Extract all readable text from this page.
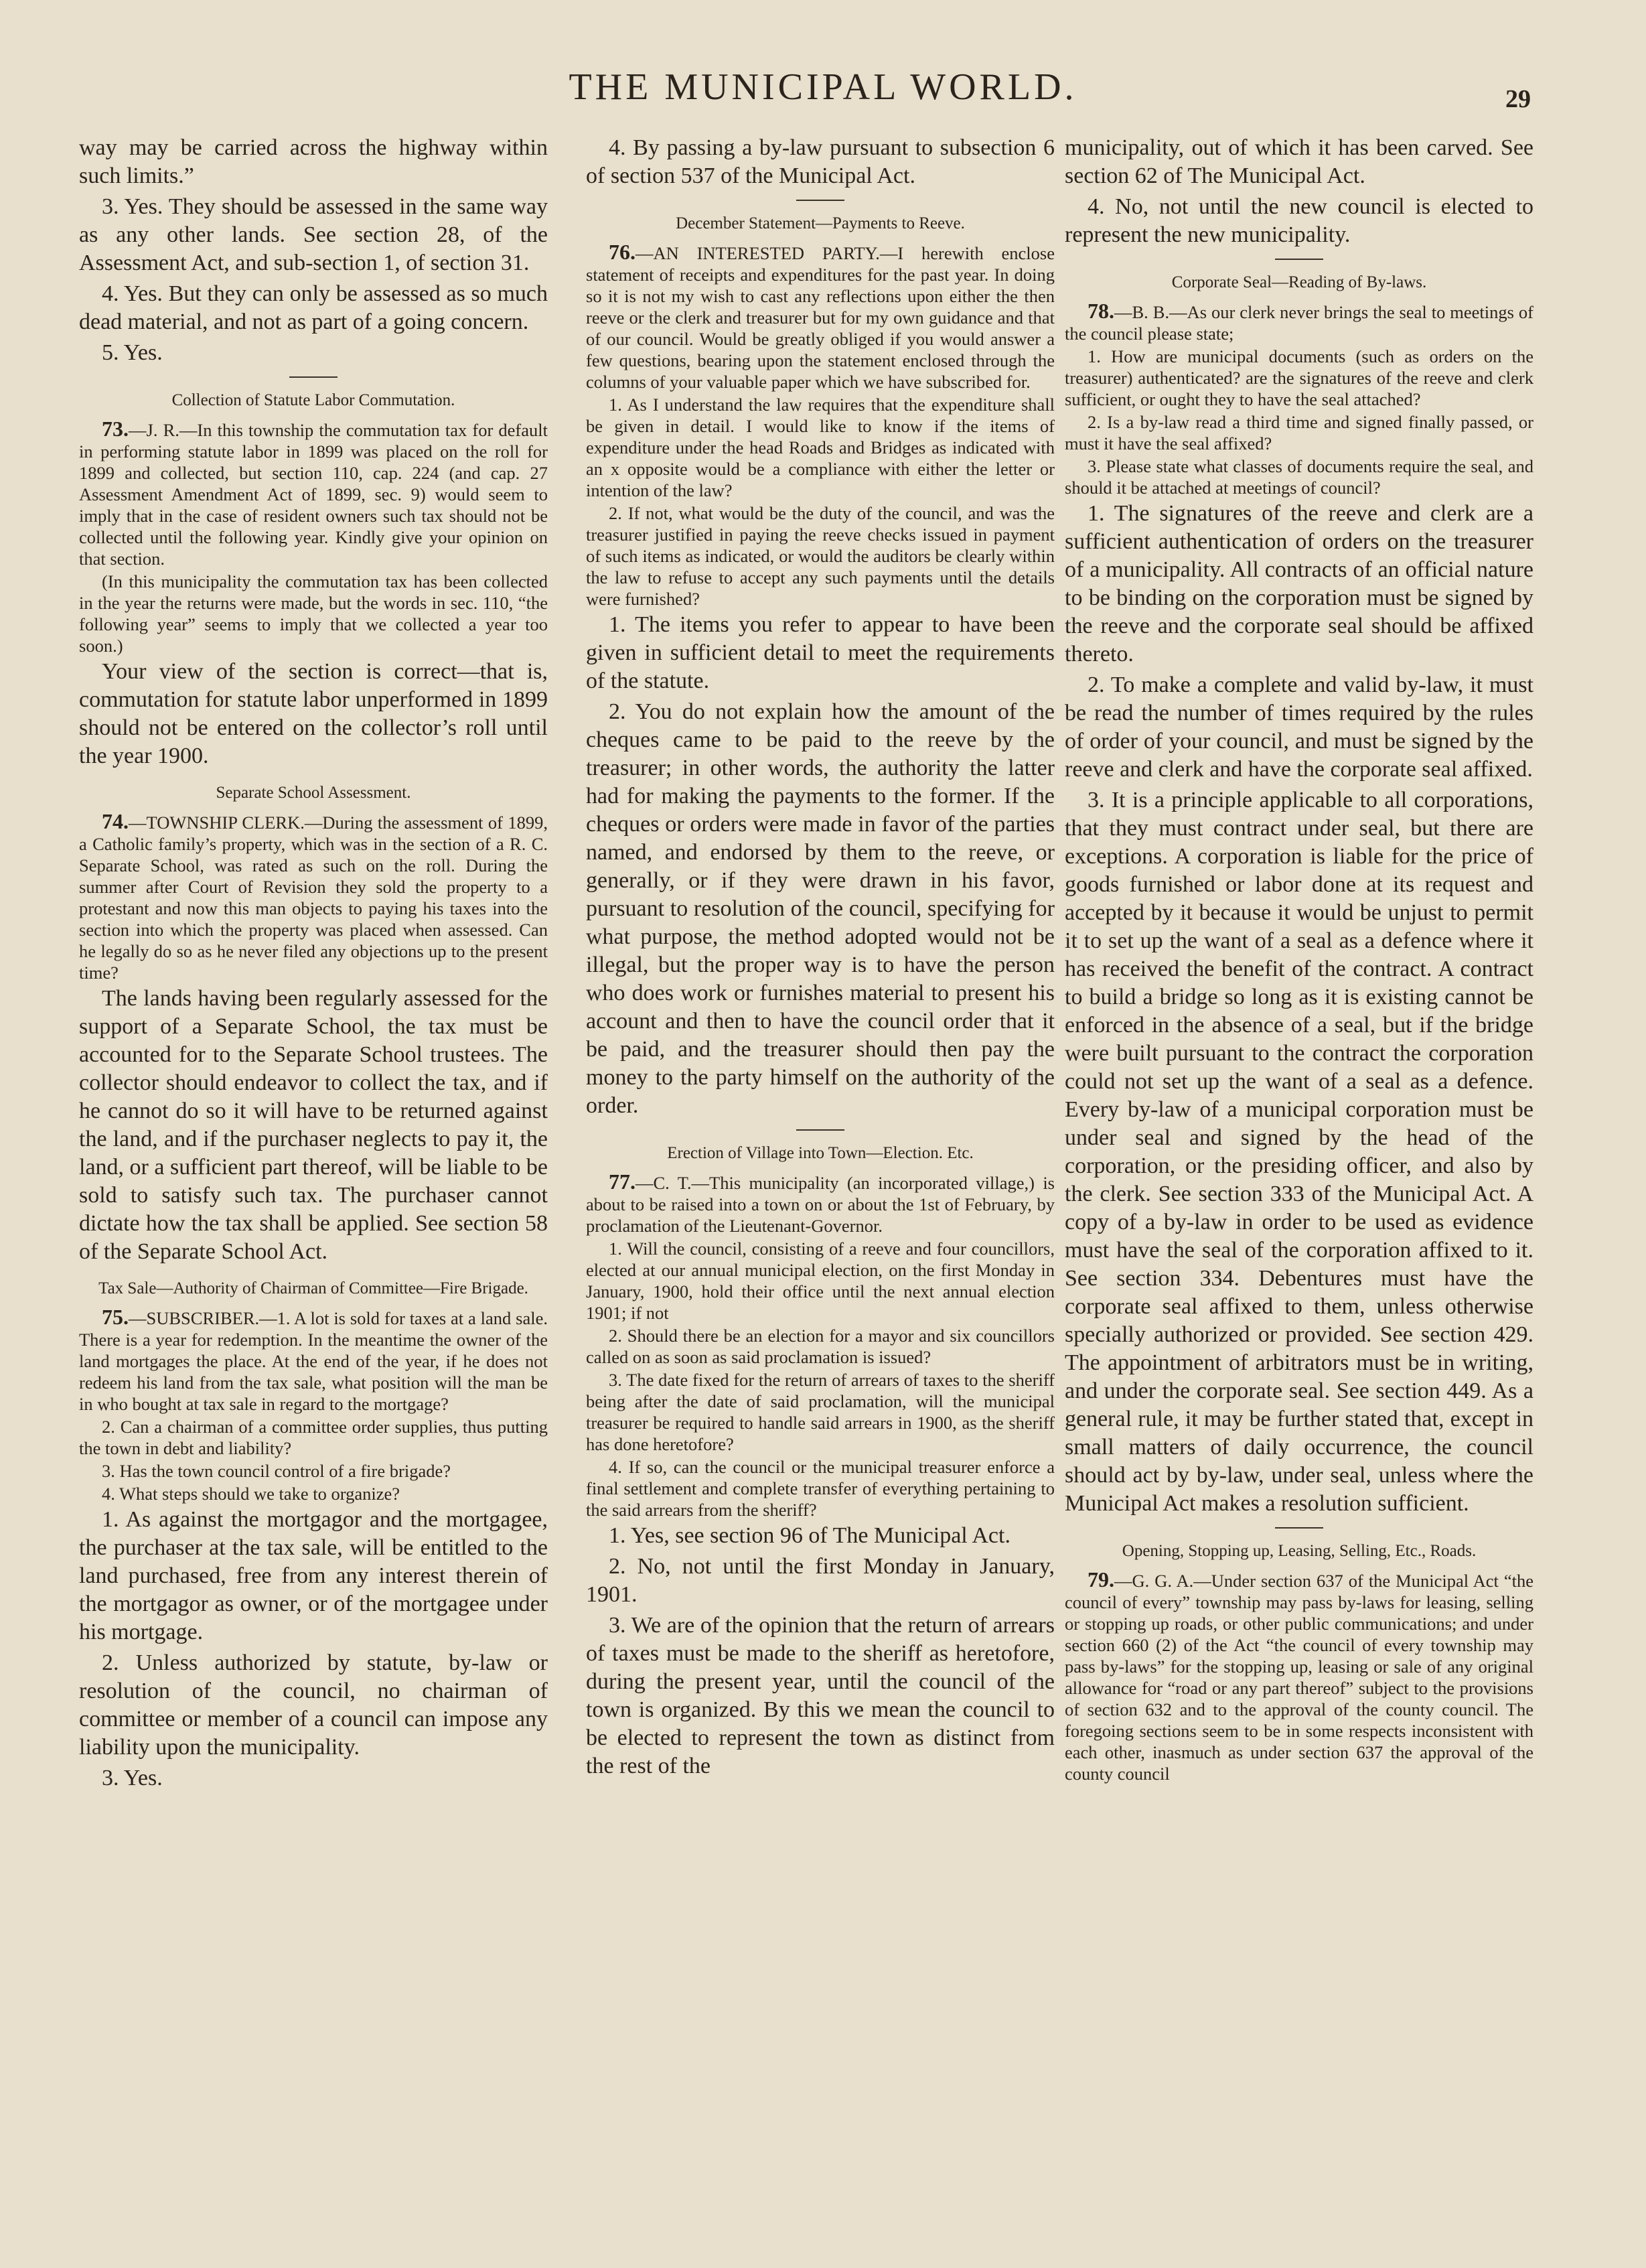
THE MUNICIPAL WORLD.	29

way may be carried across the highway within such limits.”

3. Yes. They should be assessed in the same way as any other lands. See section 28, of the Assessment Act, and sub-section 1, of section 31.

4. Yes. But they can only be assessed as so much dead material, and not as part of a going concern.

5. Yes.

Collection of Statute Labor Commutation.

73.—J. R.—In this township the commutation tax for default in performing statute labor in 1899 was placed on the roll for 1899 and collected, but section 110, cap. 224 (and cap. 27 Assessment Amendment Act of 1899, sec. 9) would seem to imply that in the case of resident owners such tax should not be collected until the following year. Kindly give your opinion on that section.

(In this municipality the commutation tax has been collected in the year the returns were made, but the words in sec. 110, “the following year” seems to imply that we collected a year too soon.)

Your view of the section is correct—that is, commutation for statute labor unperformed in 1899 should not be entered on the collector’s roll until the year 1900.

Separate School Assessment.

74.—TOWNSHIP CLERK.—During the assessment of 1899, a Catholic family’s property, which was in the section of a R. C. Separate School, was rated as such on the roll. During the summer after Court of Revision they sold the property to a protestant and now this man objects to paying his taxes into the section into which the property was placed when assessed. Can he legally do so as he never filed any objections up to the present time?

The lands having been regularly assessed for the support of a Separate School, the tax must be accounted for to the Separate School trustees. The collector should endeavor to collect the tax, and if he cannot do so it will have to be returned against the land, and if the purchaser neglects to pay it, the land, or a sufficient part thereof, will be liable to be sold to satisfy such tax. The purchaser cannot dictate how the tax shall be applied. See section 58 of the Separate School Act.

Tax Sale—Authority of Chairman of Committee—Fire Brigade.

75.—SUBSCRIBER.—1. A lot is sold for taxes at a land sale. There is a year for redemption. In the meantime the owner of the land mortgages the place. At the end of the year, if he does not redeem his land from the tax sale, what position will the man be in who bought at tax sale in regard to the mortgage?

2. Can a chairman of a committee order supplies, thus putting the town in debt and liability?

3. Has the town council control of a fire brigade?

4. What steps should we take to organize?

1. As against the mortgagor and the mortgagee, the purchaser at the tax sale, will be entitled to the land purchased, free from any interest therein of the mortgagor as owner, or of the mortgagee under his mortgage.

2. Unless authorized by statute, by-law or resolution of the council, no chairman of committee or member of a council can impose any liability upon the municipality.

3. Yes.

4. By passing a by-law pursuant to subsection 6 of section 537 of the Municipal Act.

December Statement—Payments to Reeve.

76.—AN INTERESTED PARTY.—I herewith enclose statement of receipts and expenditures for the past year. In doing so it is not my wish to cast any reflections upon either the then reeve or the clerk and treasurer but for my own guidance and that of our council. Would be greatly obliged if you would answer a few questions, bearing upon the statement enclosed through the columns of your valuable paper which we have subscribed for.

1. As I understand the law requires that the expenditure shall be given in detail. I would like to know if the items of expenditure under the head Roads and Bridges as indicated with an x opposite would be a compliance with either the letter or intention of the law?

2. If not, what would be the duty of the council, and was the treasurer justified in paying the reeve checks issued in payment of such items as indicated, or would the auditors be clearly within the law to refuse to accept any such payments until the details were furnished?

1. The items you refer to appear to have been given in sufficient detail to meet the requirements of the statute.

2. You do not explain how the amount of the cheques came to be paid to the reeve by the treasurer; in other words, the authority the latter had for making the payments to the former. If the cheques or orders were made in favor of the parties named, and endorsed by them to the reeve, or generally, or if they were drawn in his favor, pursuant to resolution of the council, specifying for what purpose, the method adopted would not be illegal, but the proper way is to have the person who does work or furnishes material to present his account and then to have the council order that it be paid, and the treasurer should then pay the money to the party himself on the authority of the order.

Erection of Village into Town—Election. Etc.

77.—C. T.—This municipality (an incorporated village,) is about to be raised into a town on or about the 1st of February, by proclamation of the Lieutenant-Governor.

1. Will the council, consisting of a reeve and four councillors, elected at our annual municipal election, on the first Monday in January, 1900, hold their office until the next annual election 1901; if not

2. Should there be an election for a mayor and six councillors called on as soon as said proclamation is issued?

3. The date fixed for the return of arrears of taxes to the sheriff being after the date of said proclamation, will the municipal treasurer be required to handle said arrears in 1900, as the sheriff has done heretofore?

4. If so, can the council or the municipal treasurer enforce a final settlement and complete transfer of everything pertaining to the said arrears from the sheriff?

1. Yes, see section 96 of The Municipal Act.

2. No, not until the first Monday in January, 1901.

3. We are of the opinion that the return of arrears of taxes must be made to the sheriff as heretofore, during the present year, until the council of the town is organized. By this we mean the council to be elected to represent the town as distinct from the rest of the

municipality, out of which it has been carved. See section 62 of The Municipal Act.

4. No, not until the new council is elected to represent the new municipality.

Corporate Seal—Reading of By-laws.

78.—B. B.—As our clerk never brings the seal to meetings of the council please state;

1. How are municipal documents (such as orders on the treasurer) authenticated? are the signatures of the reeve and clerk sufficient, or ought they to have the seal attached?

2. Is a by-law read a third time and signed finally passed, or must it have the seal affixed?

3. Please state what classes of documents require the seal, and should it be attached at meetings of council?

1. The signatures of the reeve and clerk are a sufficient authentication of orders on the treasurer of a municipality. All contracts of an official nature to be binding on the corporation must be signed by the reeve and the corporate seal should be affixed thereto.

2. To make a complete and valid by-law, it must be read the number of times required by the rules of order of your council, and must be signed by the reeve and clerk and have the corporate seal affixed.

3. It is a principle applicable to all corporations, that they must contract under seal, but there are exceptions. A corporation is liable for the price of goods furnished or labor done at its request and accepted by it because it would be unjust to permit it to set up the want of a seal as a defence where it has received the benefit of the contract. A contract to build a bridge so long as it is existing cannot be enforced in the absence of a seal, but if the bridge were built pursuant to the contract the corporation could not set up the want of a seal as a defence. Every by-law of a municipal corporation must be under seal and signed by the head of the corporation, or the presiding officer, and also by the clerk. See section 333 of the Municipal Act. A copy of a by-law in order to be used as evidence must have the seal of the corporation affixed to it. See section 334. Debentures must have the corporate seal affixed to them, unless otherwise specially authorized or provided. See section 429. The appointment of arbitrators must be in writing, and under the corporate seal. See section 449. As a general rule, it may be further stated that, except in small matters of daily occurrence, the council should act by by-law, under seal, unless where the Municipal Act makes a resolution sufficient.

Opening, Stopping up, Leasing, Selling, Etc., Roads.

79.—G. G. A.—Under section 637 of the Municipal Act “the council of every” township may pass by-laws for leasing, selling or stopping up roads, or other public communications; and under section 660 (2) of the Act “the council of every township may pass by-laws” for the stopping up, leasing or sale of any original allowance for “road or any part thereof” subject to the provisions of section 632 and to the approval of the county council. The foregoing sections seem to be in some respects inconsistent with each other, inasmuch as under section 637 the approval of the county council
